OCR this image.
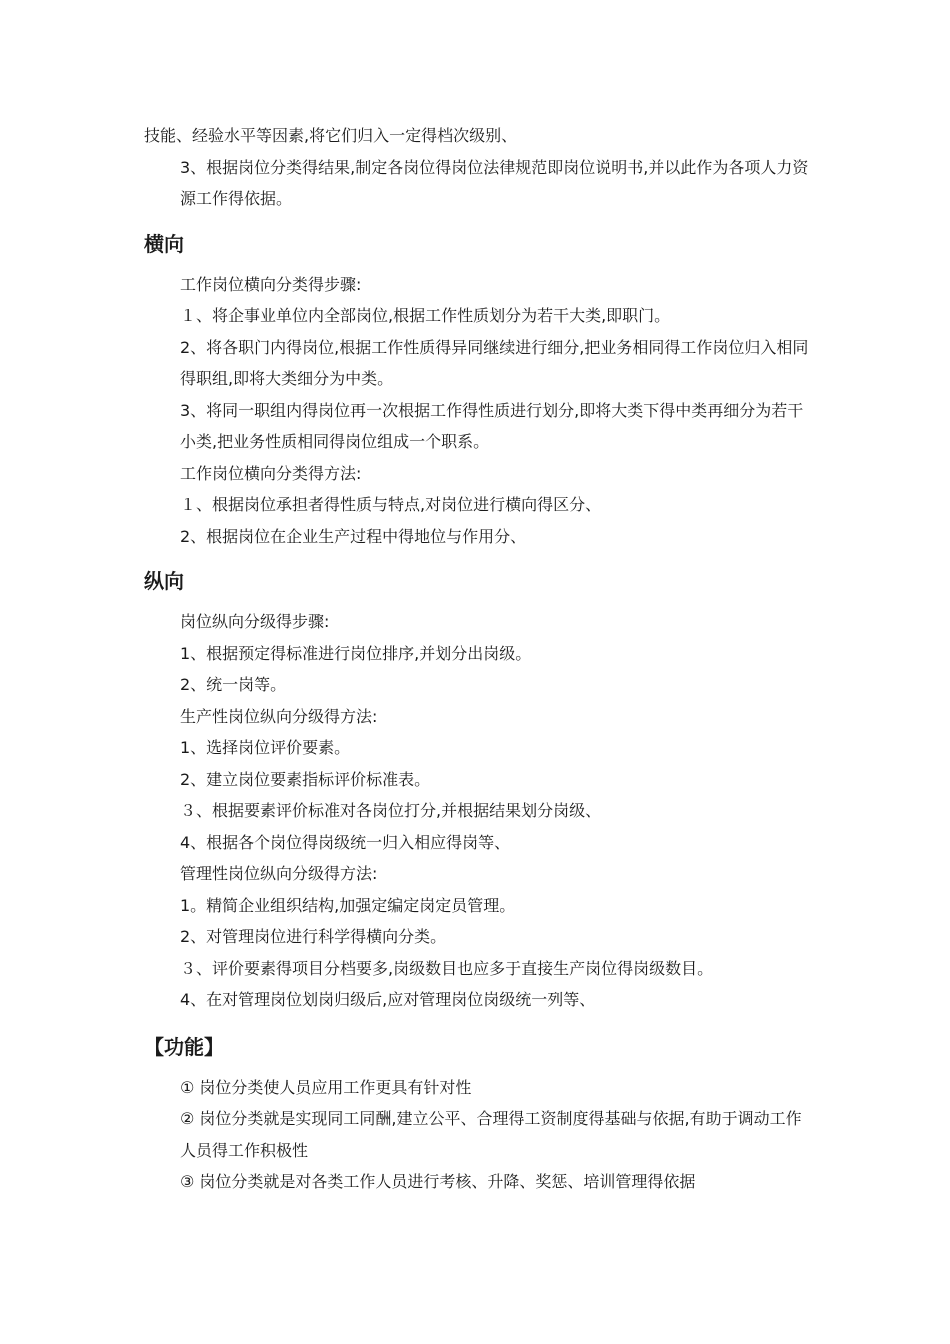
技能、经验水平等因素,将它们归入一定得档次级别、

3、根据岗位分类得结果,制定各岗位得岗位法律规范即岗位说明书,并以此作为各项人力资源工作得依据。

横向

工作岗位横向分类得步骤:

１、将企事业单位内全部岗位,根据工作性质划分为若干大类,即职门。

2、将各职门内得岗位,根据工作性质得异同继续进行细分,把业务相同得工作岗位归入相同得职组,即将大类细分为中类。

3、将同一职组内得岗位再一次根据工作得性质进行划分,即将大类下得中类再细分为若干小类,把业务性质相同得岗位组成一个职系。

工作岗位横向分类得方法:

１、根据岗位承担者得性质与特点,对岗位进行横向得区分、

2、根据岗位在企业生产过程中得地位与作用分、

纵向

岗位纵向分级得步骤:

1、根据预定得标准进行岗位排序,并划分出岗级。

2、统一岗等。

生产性岗位纵向分级得方法:

1、选择岗位评价要素。

2、建立岗位要素指标评价标准表。

３、根据要素评价标准对各岗位打分,并根据结果划分岗级、

4、根据各个岗位得岗级统一归入相应得岗等、

管理性岗位纵向分级得方法:

1。精简企业组织结构,加强定编定岗定员管理。

2、对管理岗位进行科学得横向分类。

３、评价要素得项目分档要多,岗级数目也应多于直接生产岗位得岗级数目。

4、在对管理岗位划岗归级后,应对管理岗位岗级统一列等、

【功能】

① 岗位分类使人员应用工作更具有针对性

② 岗位分类就是实现同工同酬,建立公平、合理得工资制度得基础与依据,有助于调动工作人员得工作积极性

③ 岗位分类就是对各类工作人员进行考核、升降、奖惩、培训管理得依据
